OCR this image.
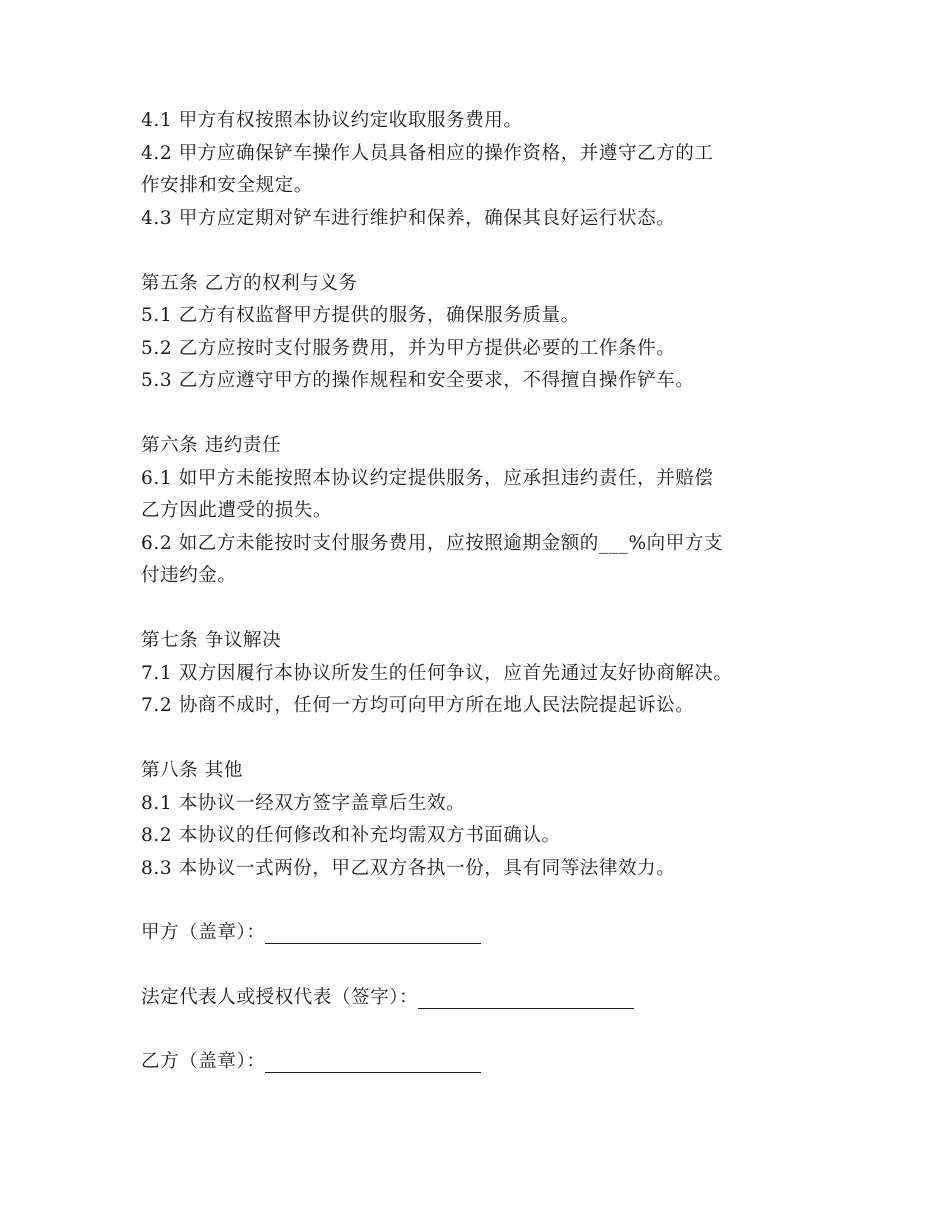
4.1 甲方有权按照本协议约定收取服务费用。

4.2 甲方应确保铲车操作人员具备相应的操作资格，并遵守乙方的工

作安排和安全规定。

4.3 甲方应定期对铲车进行维护和保养，确保其良好运行状态。

第五条 乙方的权利与义务

5.1 乙方有权监督甲方提供的服务，确保服务质量。

5.2 乙方应按时支付服务费用，并为甲方提供必要的工作条件。

5.3 乙方应遵守甲方的操作规程和安全要求，不得擅自操作铲车。

第六条 违约责任

6.1 如甲方未能按照本协议约定提供服务，应承担违约责任，并赔偿

乙方因此遭受的损失。

6.2 如乙方未能按时支付服务费用，应按照逾期金额的___%向甲方支

付违约金。

第七条 争议解决

7.1 双方因履行本协议所发生的任何争议，应首先通过友好协商解决。

7.2 协商不成时，任何一方均可向甲方所在地人民法院提起诉讼。

第八条 其他

8.1 本协议一经双方签字盖章后生效。

8.2 本协议的任何修改和补充均需双方书面确认。

8.3 本协议一式两份，甲乙双方各执一份，具有同等法律效力。

甲方（盖章）：

法定代表人或授权代表（签字）：

乙方（盖章）：
